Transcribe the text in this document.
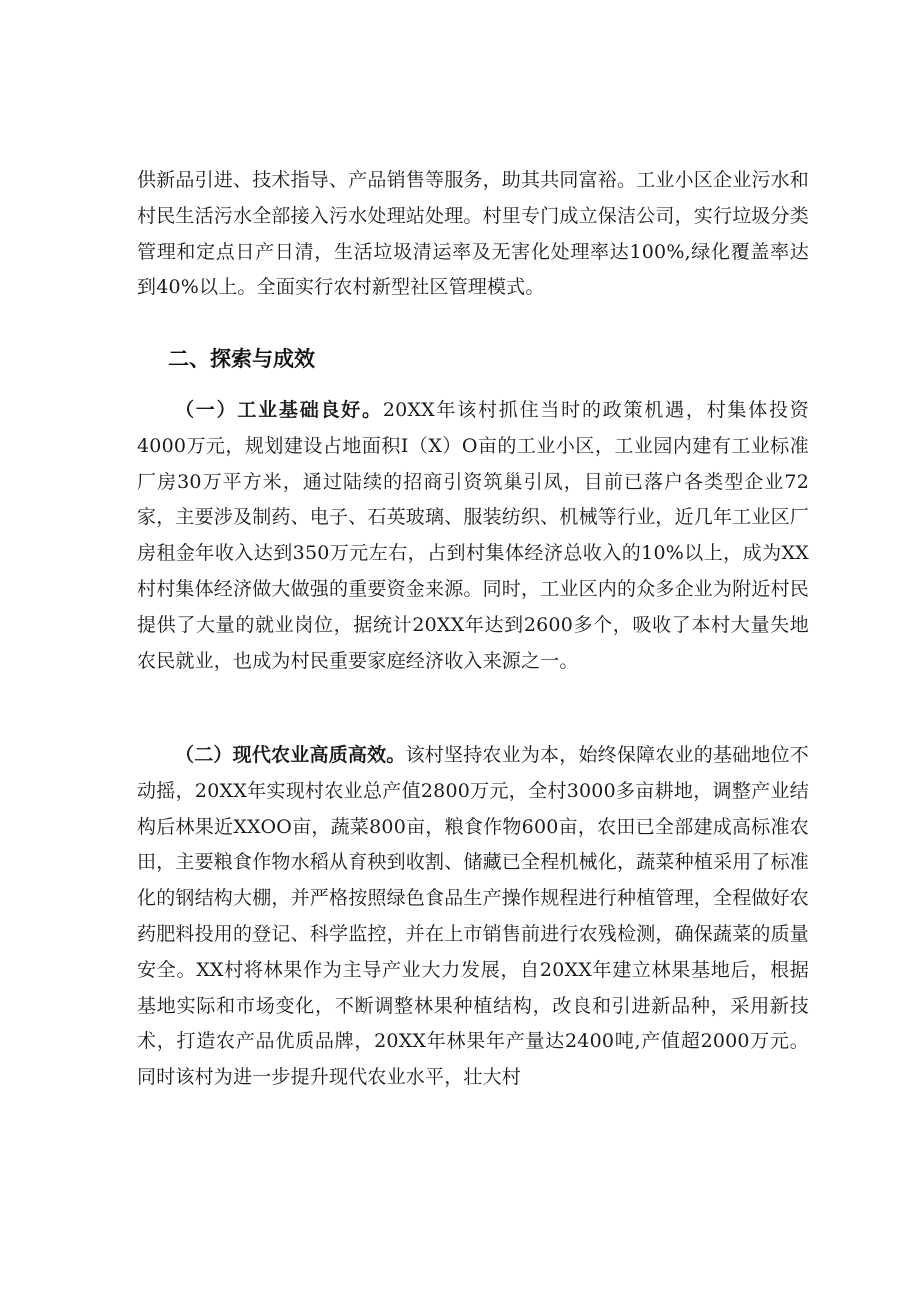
供新品引进、技术指导、产品销售等服务，助其共同富裕。工业小区企业污水和村民生活污水全部接入污水处理站处理。村里专门成立保洁公司，实行垃圾分类管理和定点日产日清，生活垃圾清运率及无害化处理率达100%,绿化覆盖率达到40%以上。全面实行农村新型社区管理模式。

二、探索与成效

（一）工业基础良好。20XX年该村抓住当时的政策机遇，村集体投资4000万元，规划建设占地面积I（X）O亩的工业小区，工业园内建有工业标准厂房30万平方米，通过陆续的招商引资筑巢引凤，目前已落户各类型企业72家，主要涉及制药、电子、石英玻璃、服装纺织、机械等行业，近几年工业区厂房租金年收入达到350万元左右，占到村集体经济总收入的10%以上，成为XX村村集体经济做大做强的重要资金来源。同时，工业区内的众多企业为附近村民提供了大量的就业岗位，据统计20XX年达到2600多个，吸收了本村大量失地农民就业，也成为村民重要家庭经济收入来源之一。

（二）现代农业高质高效。该村坚持农业为本，始终保障农业的基础地位不动摇，20XX年实现村农业总产值2800万元，全村3000多亩耕地，调整产业结构后林果近XXOO亩，蔬菜800亩，粮食作物600亩，农田已全部建成高标准农田，主要粮食作物水稻从育秧到收割、储藏已全程机械化，蔬菜种植采用了标准化的钢结构大棚，并严格按照绿色食品生产操作规程进行种植管理，全程做好农药肥料投用的登记、科学监控，并在上市销售前进行农残检测，确保蔬菜的质量安全。XX村将林果作为主导产业大力发展，自20XX年建立林果基地后，根据基地实际和市场变化，不断调整林果种植结构，改良和引进新品种，采用新技术，打造农产品优质品牌，20XX年林果年产量达2400吨,产值超2000万元。同时该村为进一步提升现代农业水平，壮大村
